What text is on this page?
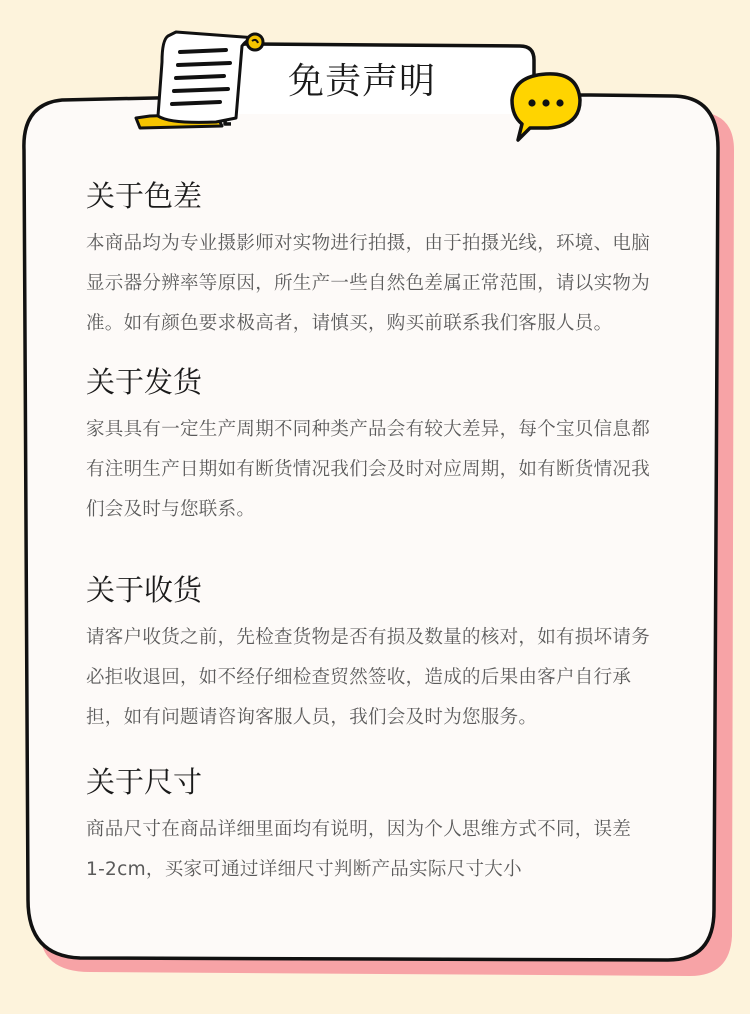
免责声明
关于色差

本商品均为专业摄影师对实物进行拍摄，由于拍摄光线，环境、电脑
显示器分辨率等原因，所生产一些自然色差属正常范围，请以实物为
准。如有颜色要求极高者，请慎买，购买前联系我们客服人员。

关于发货

家具具有一定生产周期不同种类产品会有较大差异，每个宝贝信息都
有注明生产日期如有断货情况我们会及时对应周期，如有断货情况我
们会及时与您联系。

关于收货

请客户收货之前，先检查货物是否有损及数量的核对，如有损坏请务
必拒收退回，如不经仔细检查贸然签收，造成的后果由客户自行承
担，如有问题请咨询客服人员，我们会及时为您服务。

关于尺寸

商品尺寸在商品详细里面均有说明，因为个人思维方式不同，误差
1-2cm，买家可通过详细尺寸判断产品实际尺寸大小
